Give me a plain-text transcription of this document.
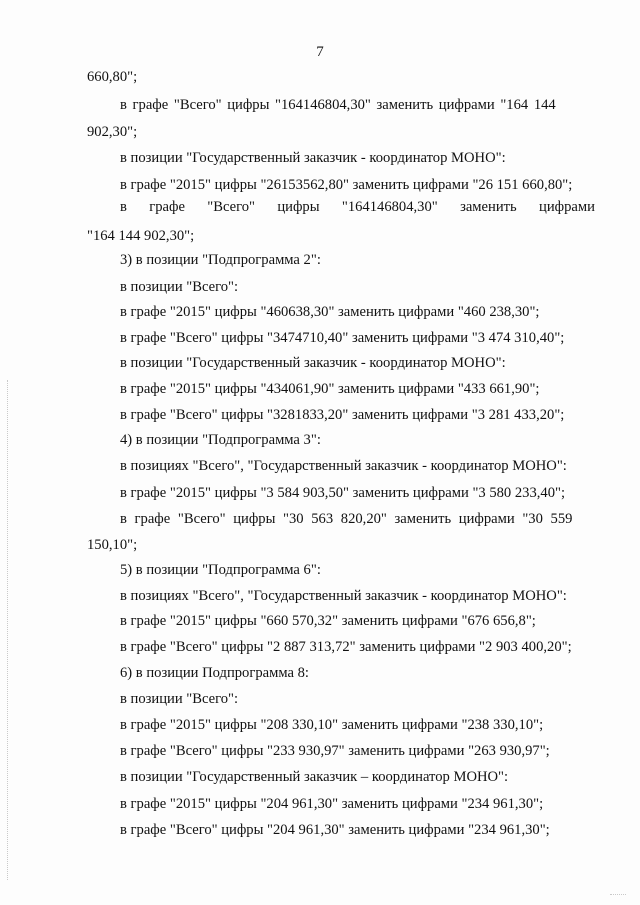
7
660,80";
в графе "Всего" цифры "164146804,30" заменить цифрами "164 144
902,30";
в позиции "Государственный заказчик - координатор МОНО":
в графе "2015" цифры "26153562,80" заменить цифрами "26 151 660,80";
в графе "Всего" цифры "164146804,30" заменить цифрами
"164 144 902,30";
3) в позиции "Подпрограмма 2":
в позиции "Всего":
в графе "2015" цифры "460638,30" заменить цифрами "460 238,30";
в графе "Всего" цифры "3474710,40" заменить цифрами "3 474 310,40";
в позиции "Государственный заказчик - координатор МОНО":
в графе "2015" цифры "434061,90" заменить цифрами "433 661,90";
в графе "Всего" цифры "3281833,20" заменить цифрами "3 281 433,20";
4) в позиции "Подпрограмма 3":
в позициях "Всего", "Государственный заказчик - координатор МОНО":
в графе "2015" цифры "3 584 903,50" заменить цифрами "3 580 233,40";
в графе "Всего" цифры "30 563 820,20" заменить цифрами "30 559
150,10";
5) в позиции "Подпрограмма 6":
в позициях "Всего", "Государственный заказчик - координатор МОНО":
в графе "2015" цифры "660 570,32" заменить цифрами "676 656,8";
в графе "Всего" цифры "2 887 313,72" заменить цифрами "2 903 400,20";
6) в позиции Подпрограмма 8:
в позиции "Всего":
в графе "2015" цифры "208 330,10" заменить цифрами "238 330,10";
в графе "Всего" цифры "233 930,97" заменить цифрами "263 930,97";
в позиции "Государственный заказчик – координатор МОНО":
в графе "2015" цифры "204 961,30" заменить цифрами "234 961,30";
в графе "Всего" цифры "204 961,30" заменить цифрами "234 961,30";
